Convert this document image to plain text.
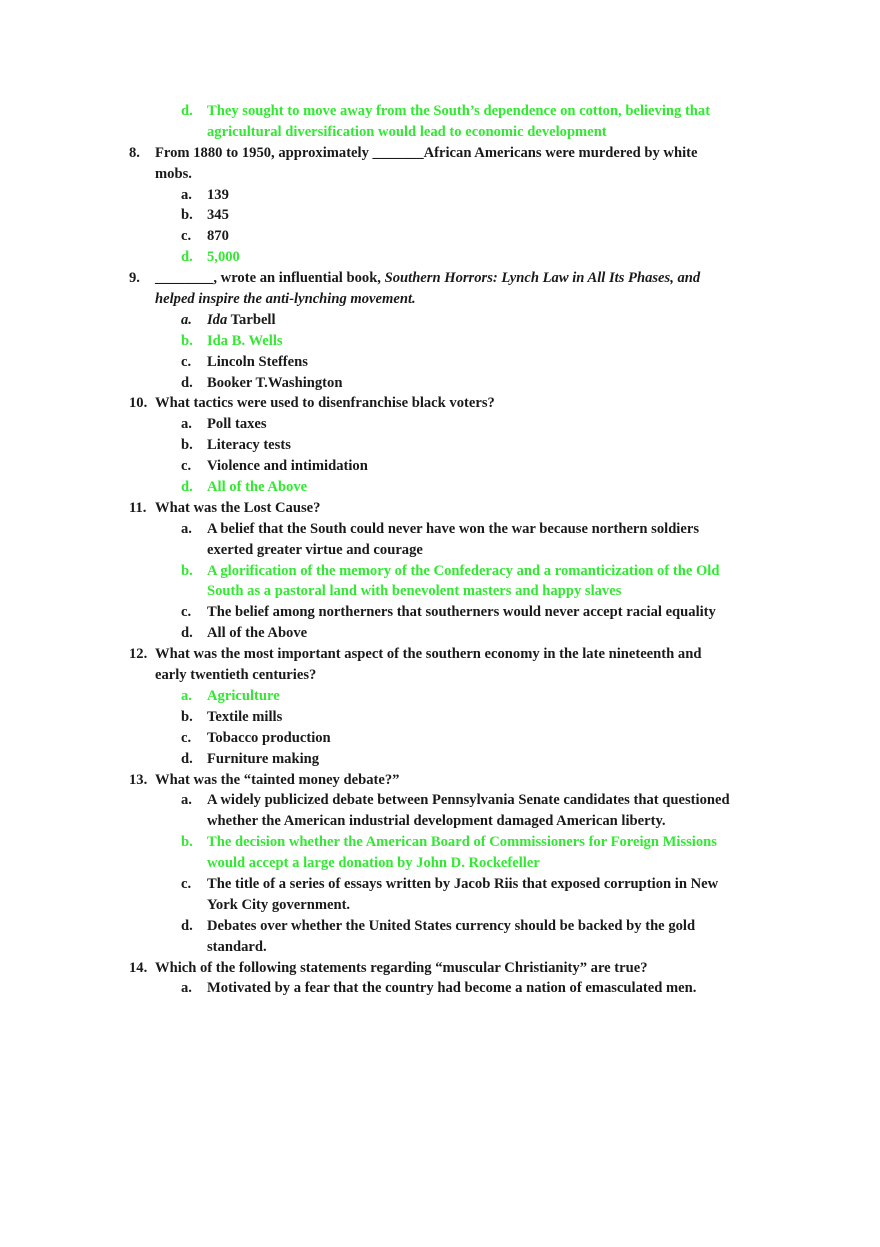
d. They sought to move away from the South’s dependence on cotton, believing that
agricultural diversification would lead to economic development
8. From 1880 to 1950, approximately _______African Americans were murdered by white
mobs.
a. 139
b. 345
c. 870
d. 5,000
9. ________, wrote an influential book, Southern Horrors: Lynch Law in All Its Phases, and
helped inspire the anti-lynching movement.
a. Ida Tarbell
b. Ida B. Wells
c. Lincoln Steffens
d. Booker T.Washington
10. What tactics were used to disenfranchise black voters?
a. Poll taxes
b. Literacy tests
c. Violence and intimidation
d. All of the Above
11. What was the Lost Cause?
a. A belief that the South could never have won the war because northern soldiers
exerted greater virtue and courage
b. A glorification of the memory of the Confederacy and a romanticization of the Old
South as a pastoral land with benevolent masters and happy slaves
c. The belief among northerners that southerners would never accept racial equality
d. All of the Above
12. What was the most important aspect of the southern economy in the late nineteenth and
early twentieth centuries?
a. Agriculture
b. Textile mills
c. Tobacco production
d. Furniture making
13. What was the “tainted money debate?”
a. A widely publicized debate between Pennsylvania Senate candidates that questioned
whether the American industrial development damaged American liberty.
b. The decision whether the American Board of Commissioners for Foreign Missions
would accept a large donation by John D. Rockefeller
c. The title of a series of essays written by Jacob Riis that exposed corruption in New
York City government.
d. Debates over whether the United States currency should be backed by the gold
standard.
14. Which of the following statements regarding “muscular Christianity” are true?
a. Motivated by a fear that the country had become a nation of emasculated men.
